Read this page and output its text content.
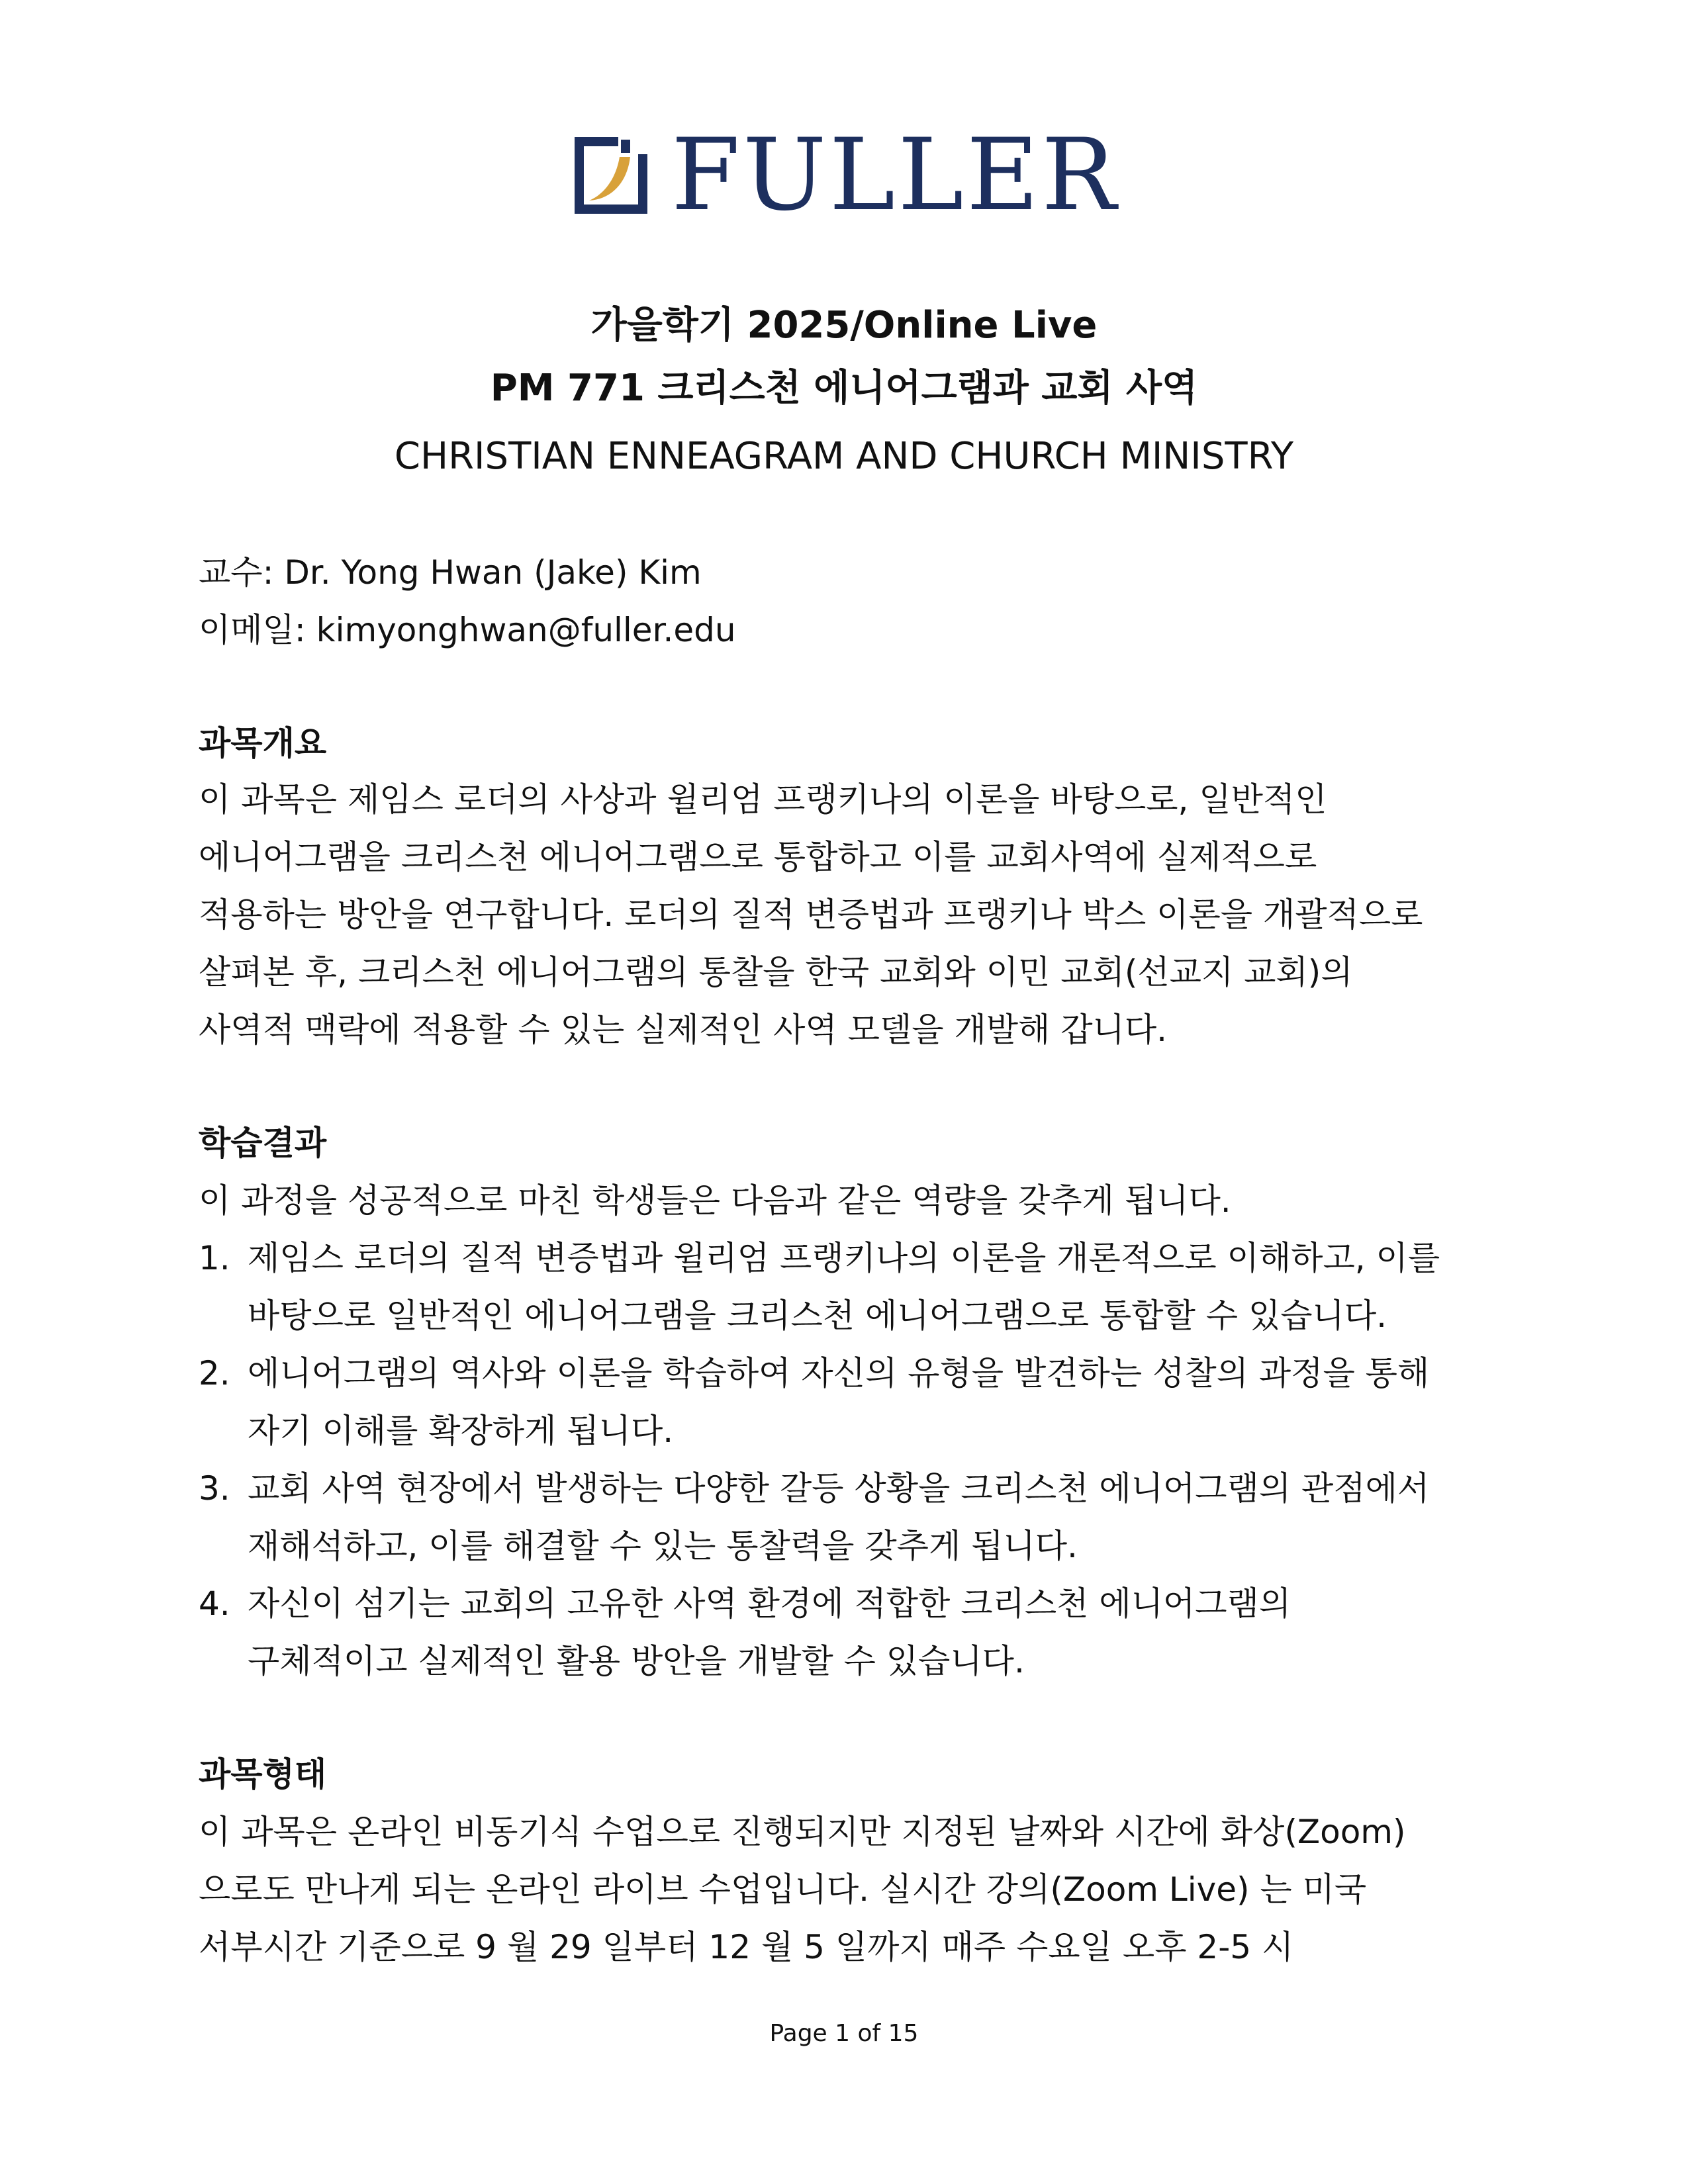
FULLER
가을학기 2025/Online Live
PM 771 크리스천 에니어그램과 교회 사역
CHRISTIAN ENNEAGRAM AND CHURCH MINISTRY
교수: Dr. Yong Hwan (Jake) Kim
이메일: kimyonghwan@fuller.edu
과목개요
이 과목은 제임스 로더의 사상과 윌리엄 프랭키나의 이론을 바탕으로, 일반적인
에니어그램을 크리스천 에니어그램으로 통합하고 이를 교회사역에 실제적으로
적용하는 방안을 연구합니다. 로더의 질적 변증법과 프랭키나 박스 이론을 개괄적으로
살펴본 후, 크리스천 에니어그램의 통찰을 한국 교회와 이민 교회(선교지 교회)의
사역적 맥락에 적용할 수 있는 실제적인 사역 모델을 개발해 갑니다.
학습결과
이 과정을 성공적으로 마친 학생들은 다음과 같은 역량을 갖추게 됩니다.
1. 제임스 로더의 질적 변증법과 윌리엄 프랭키나의 이론을 개론적으로 이해하고, 이를
바탕으로 일반적인 에니어그램을 크리스천 에니어그램으로 통합할 수 있습니다.
2. 에니어그램의 역사와 이론을 학습하여 자신의 유형을 발견하는 성찰의 과정을 통해
자기 이해를 확장하게 됩니다.
3. 교회 사역 현장에서 발생하는 다양한 갈등 상황을 크리스천 에니어그램의 관점에서
재해석하고, 이를 해결할 수 있는 통찰력을 갖추게 됩니다.
4. 자신이 섬기는 교회의 고유한 사역 환경에 적합한 크리스천 에니어그램의
구체적이고 실제적인 활용 방안을 개발할 수 있습니다.
과목형태
이 과목은 온라인 비동기식 수업으로 진행되지만 지정된 날짜와 시간에 화상(Zoom)
으로도 만나게 되는 온라인 라이브 수업입니다. 실시간 강의(Zoom Live) 는 미국
서부시간 기준으로 9 월 29 일부터 12 월 5 일까지 매주 수요일 오후 2-5 시
Page 1 of 15
